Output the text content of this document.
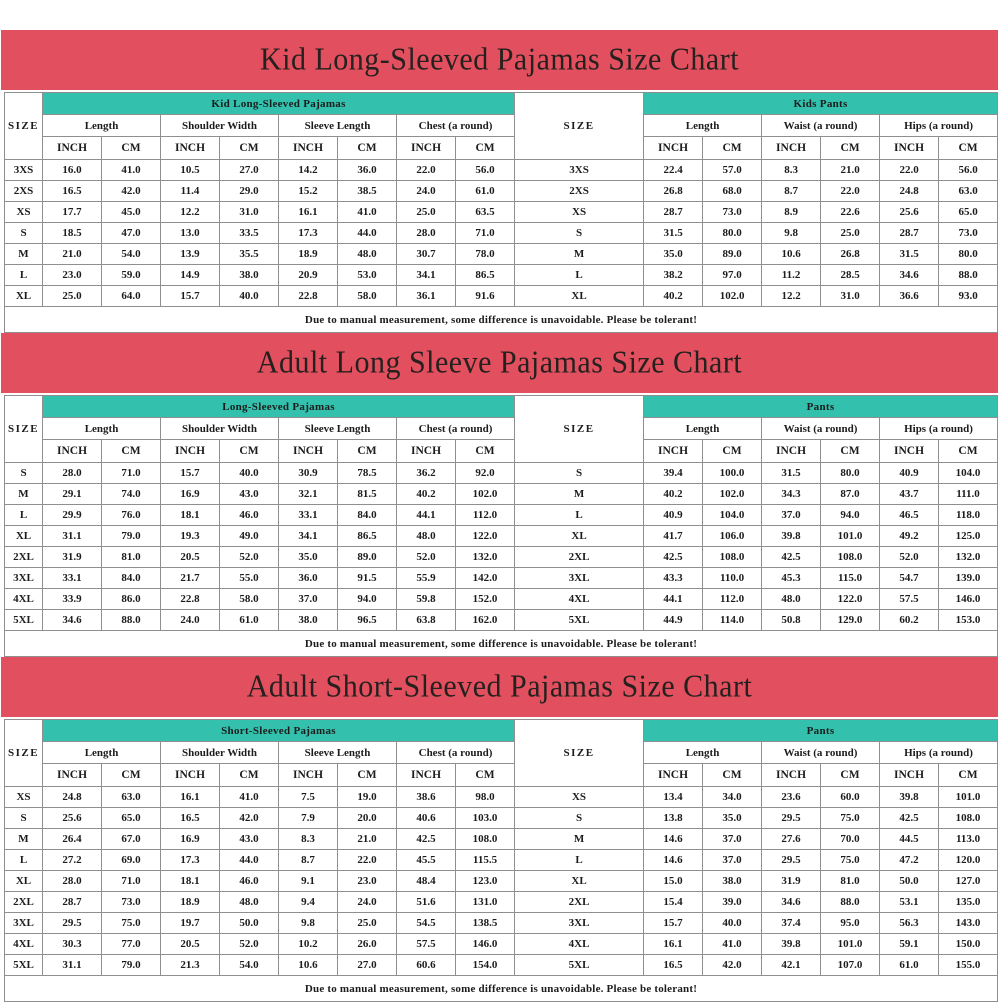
Kid Long-Sleeved Pajamas Size Chart
SIZE	Kid Long-Sleeved Pajamas								SIZE	Kids Pants					
	Length		Shoulder Width		Sleeve Length		Chest (a round)			Length		Waist (a round)		Hips (a round)	
	INCH	CM	INCH	CM	INCH	CM	INCH	CM		INCH	CM	INCH	CM	INCH	CM
3XS	16.0	41.0	10.5	27.0	14.2	36.0	22.0	56.0	3XS	22.4	57.0	8.3	21.0	22.0	56.0
2XS	16.5	42.0	11.4	29.0	15.2	38.5	24.0	61.0	2XS	26.8	68.0	8.7	22.0	24.8	63.0
XS	17.7	45.0	12.2	31.0	16.1	41.0	25.0	63.5	XS	28.7	73.0	8.9	22.6	25.6	65.0
S	18.5	47.0	13.0	33.5	17.3	44.0	28.0	71.0	S	31.5	80.0	9.8	25.0	28.7	73.0
M	21.0	54.0	13.9	35.5	18.9	48.0	30.7	78.0	M	35.0	89.0	10.6	26.8	31.5	80.0
L	23.0	59.0	14.9	38.0	20.9	53.0	34.1	86.5	L	38.2	97.0	11.2	28.5	34.6	88.0
XL	25.0	64.0	15.7	40.0	22.8	58.0	36.1	91.6	XL	40.2	102.0	12.2	31.0	36.6	93.0
Due to manual measurement, some difference is unavoidable. Please be tolerant!															
Adult Long Sleeve Pajamas Size Chart
SIZE	Long-Sleeved Pajamas								SIZE	Pants					
	Length		Shoulder Width		Sleeve Length		Chest (a round)			Length		Waist (a round)		Hips (a round)	
	INCH	CM	INCH	CM	INCH	CM	INCH	CM		INCH	CM	INCH	CM	INCH	CM
S	28.0	71.0	15.7	40.0	30.9	78.5	36.2	92.0	S	39.4	100.0	31.5	80.0	40.9	104.0
M	29.1	74.0	16.9	43.0	32.1	81.5	40.2	102.0	M	40.2	102.0	34.3	87.0	43.7	111.0
L	29.9	76.0	18.1	46.0	33.1	84.0	44.1	112.0	L	40.9	104.0	37.0	94.0	46.5	118.0
XL	31.1	79.0	19.3	49.0	34.1	86.5	48.0	122.0	XL	41.7	106.0	39.8	101.0	49.2	125.0
2XL	31.9	81.0	20.5	52.0	35.0	89.0	52.0	132.0	2XL	42.5	108.0	42.5	108.0	52.0	132.0
3XL	33.1	84.0	21.7	55.0	36.0	91.5	55.9	142.0	3XL	43.3	110.0	45.3	115.0	54.7	139.0
4XL	33.9	86.0	22.8	58.0	37.0	94.0	59.8	152.0	4XL	44.1	112.0	48.0	122.0	57.5	146.0
5XL	34.6	88.0	24.0	61.0	38.0	96.5	63.8	162.0	5XL	44.9	114.0	50.8	129.0	60.2	153.0
Due to manual measurement, some difference is unavoidable. Please be tolerant!															
Adult Short-Sleeved Pajamas Size Chart
SIZE	Short-Sleeved Pajamas								SIZE	Pants					
	Length		Shoulder Width		Sleeve Length		Chest (a round)			Length		Waist (a round)		Hips (a round)	
	INCH	CM	INCH	CM	INCH	CM	INCH	CM		INCH	CM	INCH	CM	INCH	CM
XS	24.8	63.0	16.1	41.0	7.5	19.0	38.6	98.0	XS	13.4	34.0	23.6	60.0	39.8	101.0
S	25.6	65.0	16.5	42.0	7.9	20.0	40.6	103.0	S	13.8	35.0	29.5	75.0	42.5	108.0
M	26.4	67.0	16.9	43.0	8.3	21.0	42.5	108.0	M	14.6	37.0	27.6	70.0	44.5	113.0
L	27.2	69.0	17.3	44.0	8.7	22.0	45.5	115.5	L	14.6	37.0	29.5	75.0	47.2	120.0
XL	28.0	71.0	18.1	46.0	9.1	23.0	48.4	123.0	XL	15.0	38.0	31.9	81.0	50.0	127.0
2XL	28.7	73.0	18.9	48.0	9.4	24.0	51.6	131.0	2XL	15.4	39.0	34.6	88.0	53.1	135.0
3XL	29.5	75.0	19.7	50.0	9.8	25.0	54.5	138.5	3XL	15.7	40.0	37.4	95.0	56.3	143.0
4XL	30.3	77.0	20.5	52.0	10.2	26.0	57.5	146.0	4XL	16.1	41.0	39.8	101.0	59.1	150.0
5XL	31.1	79.0	21.3	54.0	10.6	27.0	60.6	154.0	5XL	16.5	42.0	42.1	107.0	61.0	155.0
Due to manual measurement, some difference is unavoidable. Please be tolerant!															
